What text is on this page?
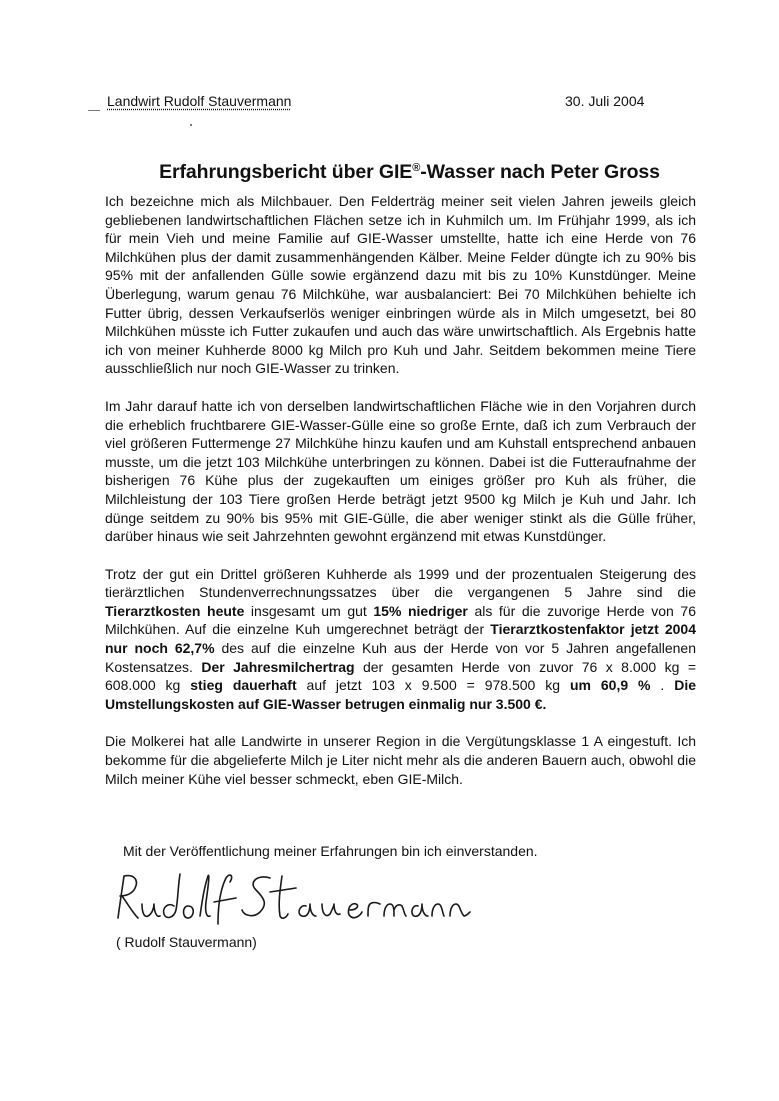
Landwirt Rudolf Stauvermann	30. Juli 2004
Erfahrungsbericht über GIE®-Wasser nach Peter Gross

Ich bezeichne mich als Milchbauer. Den Felderträg meiner seit vielen Jahren jeweils gleich gebliebenen landwirtschaftlichen Flächen setze ich in Kuhmilch um. Im Frühjahr 1999, als ich für mein Vieh und meine Familie auf GIE-Wasser umstellte, hatte ich eine Herde von 76 Milchkühen plus der damit zusammenhängenden Kälber. Meine Felder düngte ich zu 90% bis 95% mit der anfallenden Gülle sowie ergänzend dazu mit bis zu 10% Kunstdünger. Meine Überlegung, warum genau 76 Milchkühe, war ausbalanciert: Bei 70 Milchkühen behielte ich Futter übrig, dessen Verkaufserlös weniger einbringen würde als in Milch umgesetzt, bei 80 Milchkühen müsste ich Futter zukaufen und auch das wäre unwirtschaftlich. Als Ergebnis hatte ich von meiner Kuhherde 8000 kg Milch pro Kuh und Jahr. Seitdem bekommen meine Tiere ausschließlich nur noch GIE-Wasser zu trinken.

Im Jahr darauf hatte ich von derselben landwirtschaftlichen Fläche wie in den Vorjahren durch die erheblich fruchtbarere GIE-Wasser-Gülle eine so große Ernte, daß ich zum Verbrauch der viel größeren Futtermenge 27 Milchkühe hinzu kaufen und am Kuhstall entsprechend anbauen musste, um die jetzt 103 Milchkühe unterbringen zu können. Dabei ist die Futteraufnahme der bisherigen 76 Kühe plus der zugekauften um einiges größer pro Kuh als früher, die Milchleistung der 103 Tiere großen Herde beträgt jetzt 9500 kg Milch je Kuh und Jahr. Ich dünge seitdem zu 90% bis 95% mit GIE-Gülle, die aber weniger stinkt als die Gülle früher, darüber hinaus wie seit Jahrzehnten gewohnt ergänzend mit etwas Kunstdünger.

Trotz der gut ein Drittel größeren Kuhherde als 1999 und der prozentualen Steigerung des tierärztlichen Stundenverrechnungssatzes über die vergangenen 5 Jahre sind die Tierarztkosten heute insgesamt um gut 15% niedriger als für die zuvorige Herde von 76 Milchkühen. Auf die einzelne Kuh umgerechnet beträgt der Tierarztkostenfaktor jetzt 2004 nur noch 62,7% des auf die einzelne Kuh aus der Herde von vor 5 Jahren angefallenen Kostensatzes. Der Jahresmilchertrag der gesamten Herde von zuvor 76 x 8.000 kg = 608.000 kg stieg dauerhaft auf jetzt 103 x 9.500 = 978.500 kg um 60,9 % . Die Umstellungskosten auf GIE-Wasser betrugen einmalig nur 3.500 €.

Die Molkerei hat alle Landwirte in unserer Region in die Vergütungsklasse 1 A eingestuft. Ich bekomme für die abgelieferte Milch je Liter nicht mehr als die anderen Bauern auch, obwohl die Milch meiner Kühe viel besser schmeckt, eben GIE-Milch.

Mit der Veröffentlichung meiner Erfahrungen bin ich einverstanden.
( Rudolf Stauvermann)
